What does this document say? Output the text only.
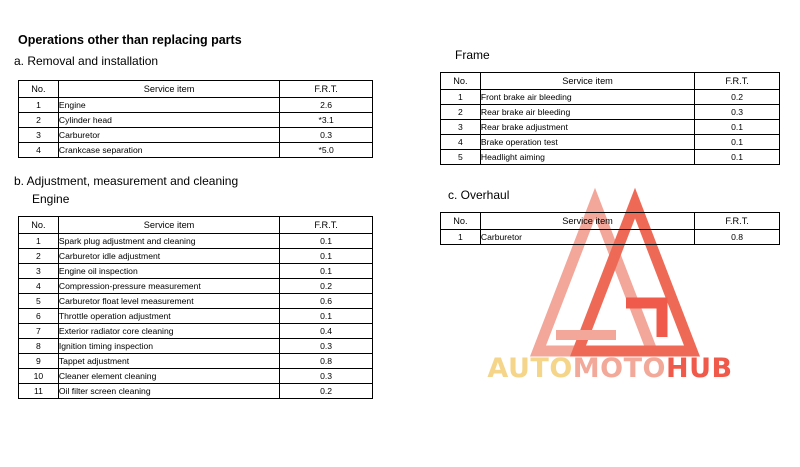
AUTOMOTOHUB
Operations other than replacing parts
a. Removal and installation
No.	Service item	F.R.T.
1	Engine	2.6
2	Cylinder head	*3.1
3	Carburetor	0.3
4	Crankcase separation	*5.0
b. Adjustment, measurement and cleaning
Engine
No.	Service item	F.R.T.
1	Spark plug adjustment and cleaning	0.1
2	Carburetor idle adjustment	0.1
3	Engine oil inspection	0.1
4	Compression-pressure measurement	0.2
5	Carburetor float level measurement	0.6
6	Throttle operation adjustment	0.1
7	Exterior radiator core cleaning	0.4
8	Ignition timing inspection	0.3
9	Tappet adjustment	0.8
10	Cleaner element cleaning	0.3
11	Oil filter screen cleaning	0.2
Frame
No.	Service item	F.R.T.
1	Front brake air bleeding	0.2
2	Rear brake air bleeding	0.3
3	Rear brake adjustment	0.1
4	Brake operation test	0.1
5	Headlight aiming	0.1
c. Overhaul
No.	Service item	F.R.T.
1	Carburetor	0.8
